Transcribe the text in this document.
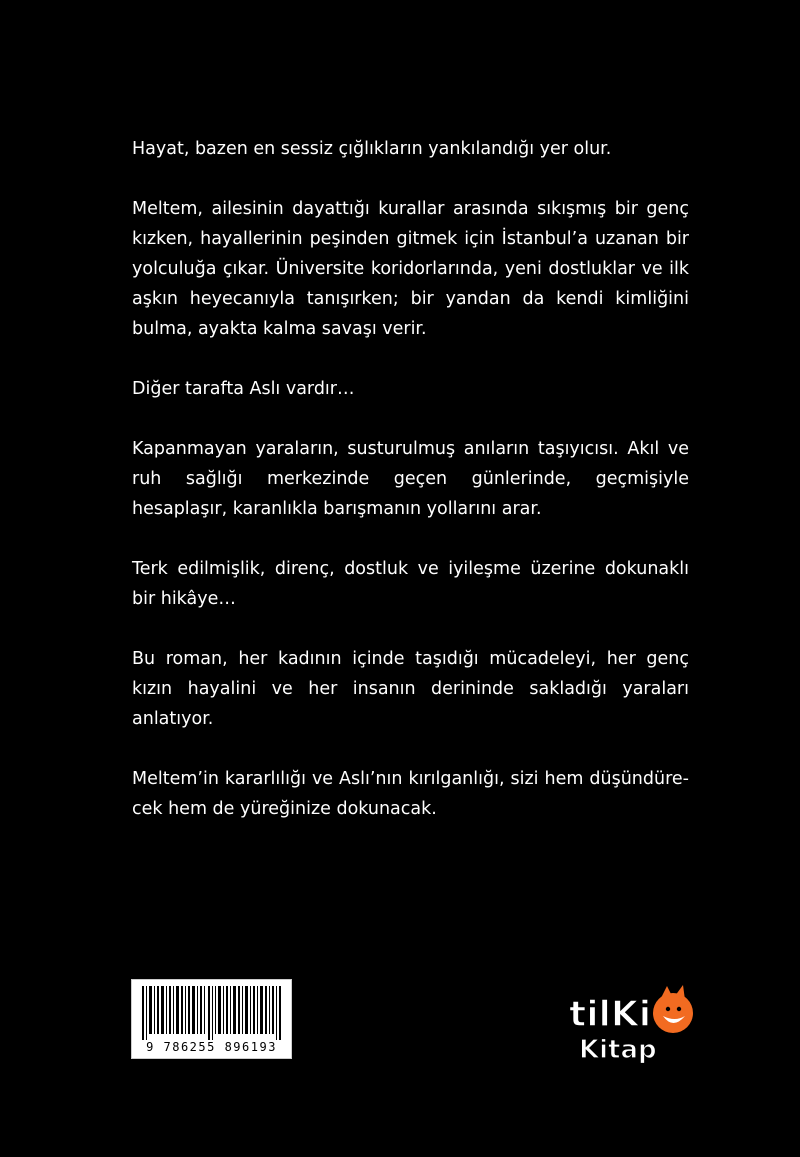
Hayat, bazen en sessiz çığlıkların yankılandığı yer olur.

Meltem, ailesinin dayattığı kurallar arasında sıkışmış bir genç kızken, hayallerinin peşinden gitmek için İstanbul’a uzanan bir yolculuğa çıkar. Üniversite koridorlarında, yeni dostluklar ve ilk aşkın heyecanıyla tanışırken; bir yandan da kendi kimliğini bulma, ayakta kalma savaşı verir.

Diğer tarafta Aslı vardır…

Kapanmayan yaraların, susturulmuş anıların taşıyıcısı. Akıl ve ruh sağlığı merkezinde geçen günlerinde, geçmişiyle hesaplaşır, karanlıkla barışmanın yollarını arar.

Terk edilmişlik, direnç, dostluk ve iyileşme üzerine dokunaklı bir hikâye…

Bu roman, her kadının içinde taşıdığı mücadeleyi, her genç kızın hayalini ve her insanın derininde sakladığı yaraları anlatıyor.

Meltem’in kararlılığı ve Aslı’nın kırılganlığı, sizi hem düşündürecek hem de yüreğinize dokunacak.

9 786255 896193
tilKi
Kitap
